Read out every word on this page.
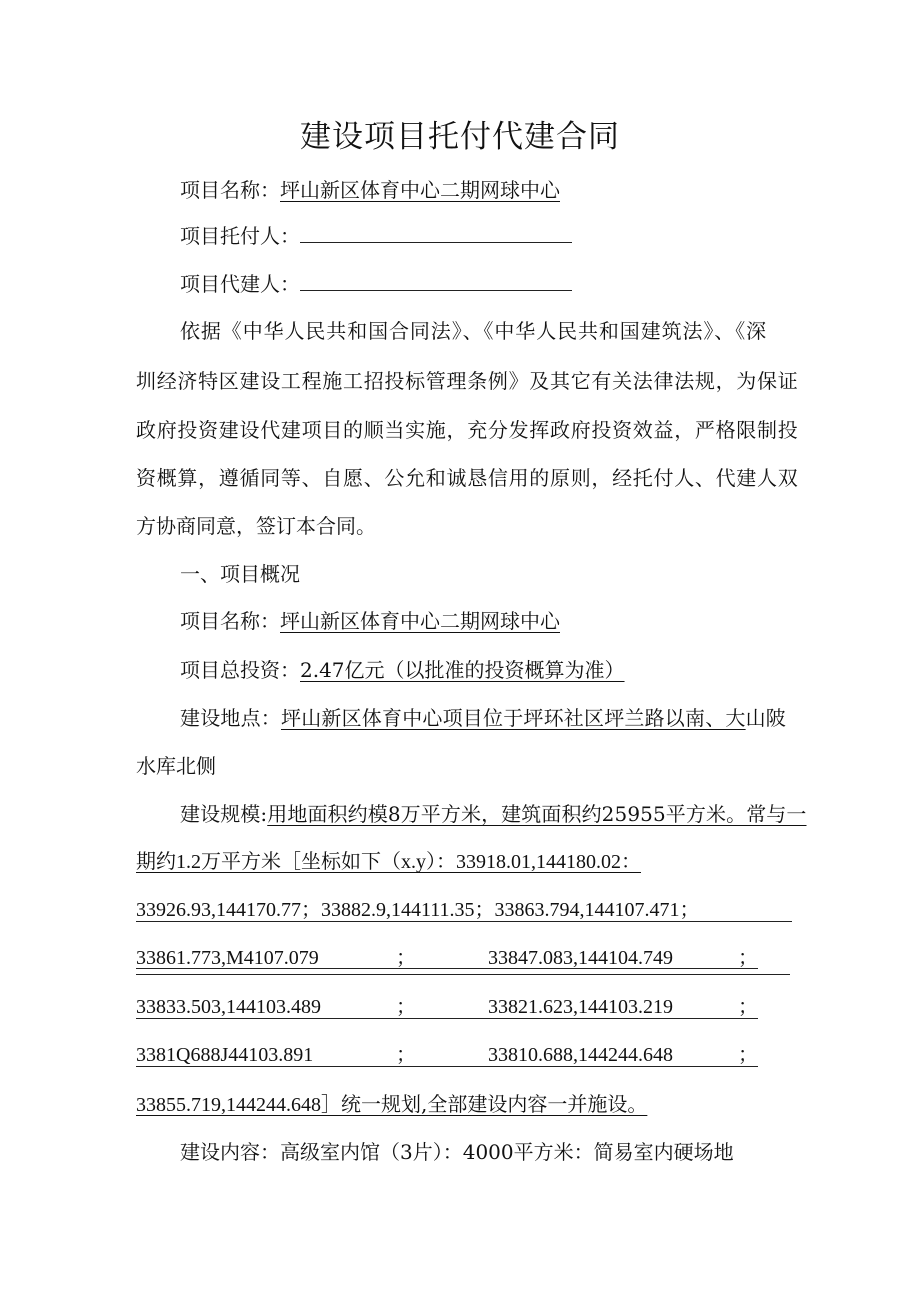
建设项目托付代建合同
项目名称：坪山新区体育中心二期网球中心
项目托付人：
项目代建人：
依据《中华人民共和国合同法》、《中华人民共和国建筑法》、《深
圳经济特区建设工程施工招投标管理条例》及其它有关法律法规，为保证
政府投资建设代建项目的顺当实施，充分发挥政府投资效益，严格限制投
资概算，遵循同等、自愿、公允和诚恳信用的原则，经托付人、代建人双
方协商同意，签订本合同。
一、项目概况
项目名称：坪山新区体育中心二期网球中心
项目总投资：2.47亿元（以批准的投资概算为准）
建设地点：坪山新区体育中心项目位于坪环社区坪兰路以南、大山陂
水库北侧
建设规模:用地面积约模8万平方米，建筑面积约25955平方米。常与一
期约1.2万平方米［坐标如下（x.y）：33918.01,144180.02：
33926.93,144170.77；33882.9,144111.35；33863.794,144107.471；
33861.773,M4107.079	；	33847.083,144104.749	；
33833.503,144103.489	；	33821.623,144103.219	；
3381Q688J44103.891	；	33810.688,144244.648	；
33855.719,144244.648］统一规划,全部建设内容一并施设。
建设内容：高级室内馆（3片）：4000平方米：简易室内硬场地
